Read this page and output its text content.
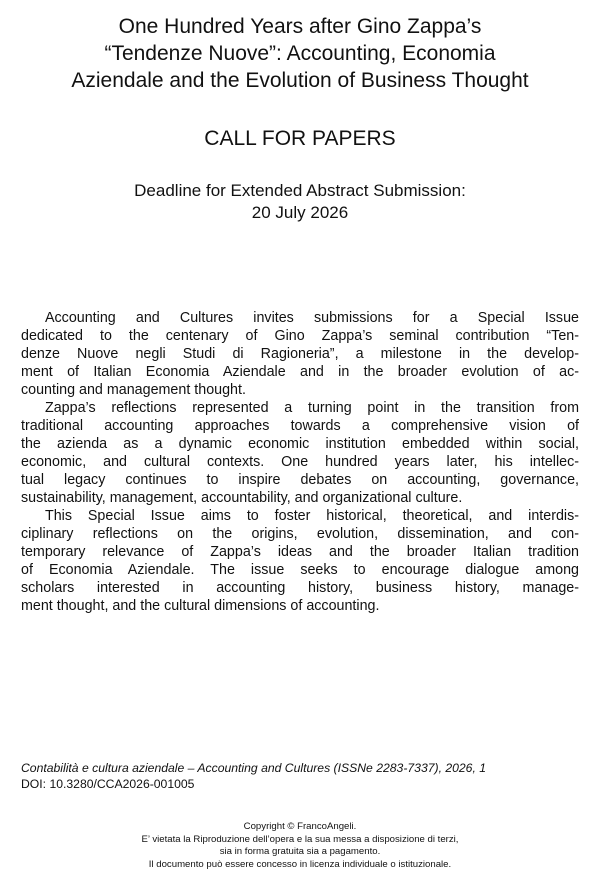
One Hundred Years after Gino Zappa’s
“Tendenze Nuove”: Accounting, Economia
Aziendale and the Evolution of Business Thought
CALL FOR PAPERS
Deadline for Extended Abstract Submission:
20 July 2026
Accounting and Cultures invites submissions for a Special Issue
dedicated to the centenary of Gino Zappa’s seminal contribution “Ten-
denze Nuove negli Studi di Ragioneria”, a milestone in the develop-
ment of Italian Economia Aziendale and in the broader evolution of ac-
counting and management thought.
Zappa’s reflections represented a turning point in the transition from
traditional accounting approaches towards a comprehensive vision of
the azienda as a dynamic economic institution embedded within social,
economic, and cultural contexts. One hundred years later, his intellec-
tual legacy continues to inspire debates on accounting, governance,
sustainability, management, accountability, and organizational culture.
This Special Issue aims to foster historical, theoretical, and interdis-
ciplinary reflections on the origins, evolution, dissemination, and con-
temporary relevance of Zappa’s ideas and the broader Italian tradition
of Economia Aziendale. The issue seeks to encourage dialogue among
scholars interested in accounting history, business history, manage-
ment thought, and the cultural dimensions of accounting.
Contabilità e cultura aziendale – Accounting and Cultures (ISSNe 2283-7337), 2026, 1
DOI: 10.3280/CCA2026-001005
Copyright © FrancoAngeli.
E’ vietata la Riproduzione dell’opera e la sua messa a disposizione di terzi,
sia in forma gratuita sia a pagamento.
Il documento può essere concesso in licenza individuale o istituzionale.
